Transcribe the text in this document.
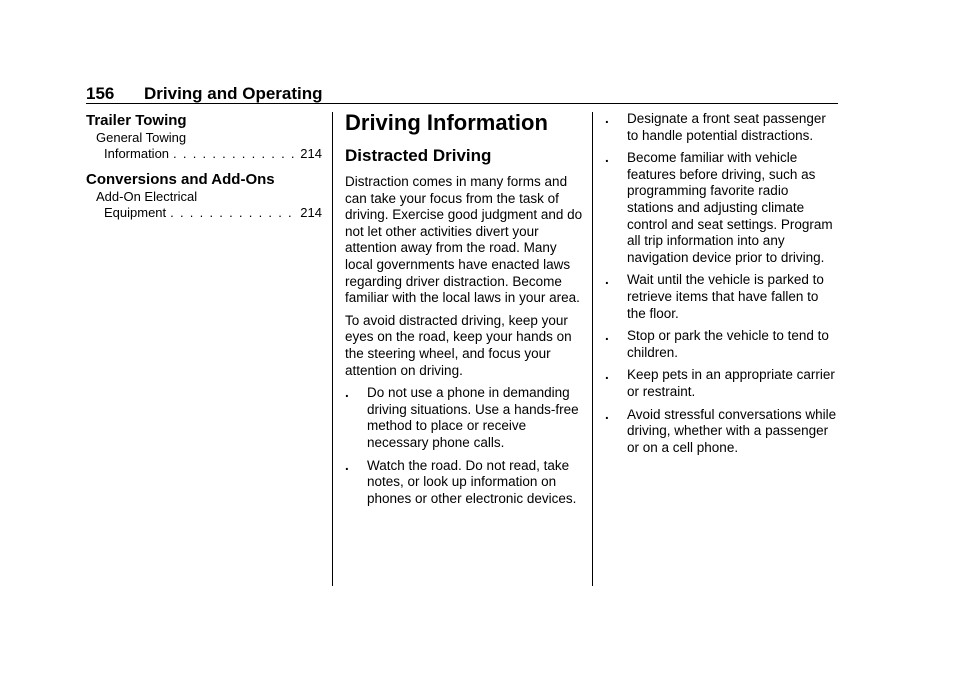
156 Driving and Operating
Trailer Towing
General Towing
Information . . .	214
Conversions and Add-Ons
Add-On Electrical
Equipment . . .	214
Driving Information
Distracted Driving
Distraction comes in many forms and can take your focus from the task of driving. Exercise good judgment and do not let other activities divert your attention away from the road. Many local governments have enacted laws regarding driver distraction. Become familiar with the local laws in your area.
To avoid distracted driving, keep your eyes on the road, keep your hands on the steering wheel, and focus your attention on driving.
.	Do not use a phone in demanding driving situations. Use a hands-free method to place or receive necessary phone calls.
.	Watch the road. Do not read, take notes, or look up information on phones or other electronic devices.
.	Designate a front seat passenger to handle potential distractions.
.	Become familiar with vehicle features before driving, such as programming favorite radio stations and adjusting climate control and seat settings. Program all trip information into any navigation device prior to driving.
.	Wait until the vehicle is parked to retrieve items that have fallen to the floor.
.	Stop or park the vehicle to tend to children.
.	Keep pets in an appropriate carrier or restraint.
.	Avoid stressful conversations while driving, whether with a passenger or on a cell phone.
